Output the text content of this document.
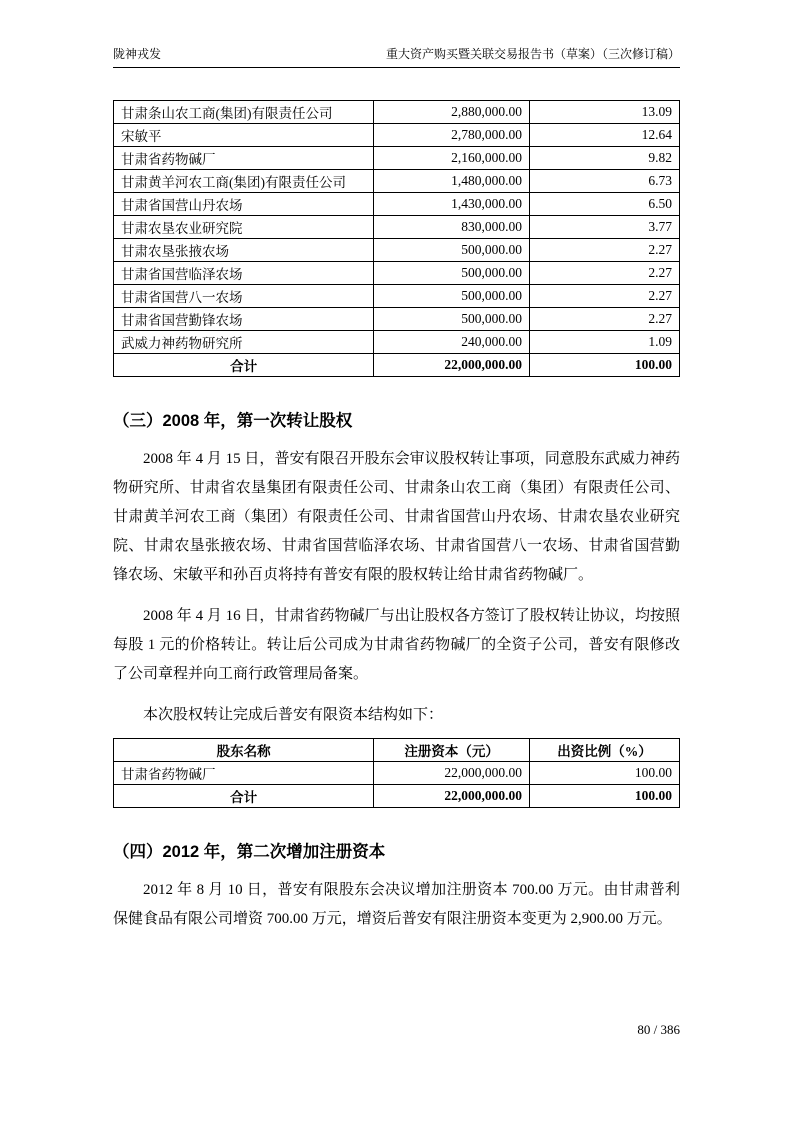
陇神戎发	重大资产购买暨关联交易报告书（草案）（三次修订稿）
甘肃条山农工商(集团)有限责任公司	2,880,000.00	13.09
宋敏平	2,780,000.00	12.64
甘肃省药物碱厂	2,160,000.00	9.82
甘肃黄羊河农工商(集团)有限责任公司	1,480,000.00	6.73
甘肃省国营山丹农场	1,430,000.00	6.50
甘肃农垦农业研究院	830,000.00	3.77
甘肃农垦张掖农场	500,000.00	2.27
甘肃省国营临泽农场	500,000.00	2.27
甘肃省国营八一农场	500,000.00	2.27
甘肃省国营勤锋农场	500,000.00	2.27
武威力神药物研究所	240,000.00	1.09
合计	22,000,000.00	100.00
（三）2008 年，第一次转让股权

2008 年 4 月 15 日，普安有限召开股东会审议股权转让事项，同意股东武威力神药物研究所、甘肃省农垦集团有限责任公司、甘肃条山农工商（集团）有限责任公司、甘肃黄羊河农工商（集团）有限责任公司、甘肃省国营山丹农场、甘肃农垦农业研究院、甘肃农垦张掖农场、甘肃省国营临泽农场、甘肃省国营八一农场、甘肃省国营勤锋农场、宋敏平和孙百贞将持有普安有限的股权转让给甘肃省药物碱厂。

2008 年 4 月 16 日，甘肃省药物碱厂与出让股权各方签订了股权转让协议，均按照每股 1 元的价格转让。转让后公司成为甘肃省药物碱厂的全资子公司，普安有限修改了公司章程并向工商行政管理局备案。

本次股权转让完成后普安有限资本结构如下：

股东名称	注册资本（元）	出资比例（%）
甘肃省药物碱厂	22,000,000.00	100.00
合计	22,000,000.00	100.00
（四）2012 年，第二次增加注册资本

2012 年 8 月 10 日，普安有限股东会决议增加注册资本 700.00 万元。由甘肃普利保健食品有限公司增资 700.00 万元，增资后普安有限注册资本变更为 2,900.00 万元。

80 / 386
